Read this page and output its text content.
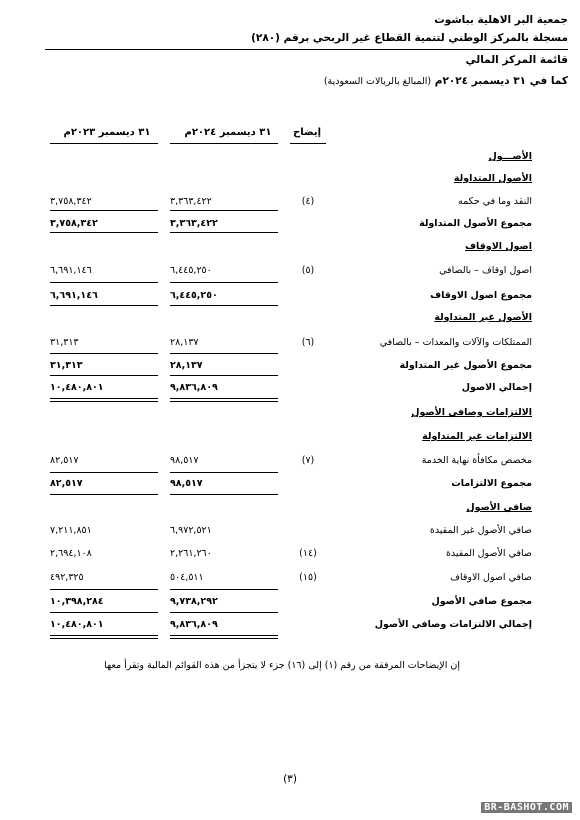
جمعية البر الاهلية بباشوت
مسجلة بالمركز الوطني لتنمية القطاع غير الربحي برقم (٢٨٠)
قائمة المركز المالي
كما في ٣١ ديسمبر ٢٠٢٤م (المبالغ بالريالات السعودية)
إيضاح
٣١ ديسمبر ٢٠٢٤م
٣١ ديسمبر ٢٠٢٣م
الأصـــول
الأصول المتداولة
النقد وما في حكمه
(٤)
٣,٣٦٣,٤٢٢
٣,٧٥٨,٣٤٢
مجموع الأصول المتداولة
٣,٣٦٣,٤٢٢
٣,٧٥٨,٣٤٢
اصول الاوقاف
اصول اوقاف – بالصافي
(٥)
٦,٤٤٥,٢٥٠
٦,٦٩١,١٤٦
مجموع اصول الاوقاف
٦,٤٤٥,٢٥٠
٦,٦٩١,١٤٦
الأصول غير المتداولة
الممتلكات والآلات والمعدات – بالصافي
(٦)
٢٨,١٣٧
٣١,٣١٣
مجموع الأصول غير المتداولة
٢٨,١٣٧
٣١,٣١٣
إجمالي الاصول
٩,٨٣٦,٨٠٩
١٠,٤٨٠,٨٠١
الالتزامات وصافي الأصول
الالتزامات غير المتداولة
مخصص مكافأة نهاية الخدمة
(٧)
٩٨,٥١٧
٨٢,٥١٧
مجموع الالتزامات
٩٨,٥١٧
٨٢,٥١٧
صافي الأصول
صافي الأصول غير المقيدة
٦,٩٧٢,٥٢١
٧,٢١١,٨٥١
صافي الأصول المقيدة
(١٤)
٢,٢٦١,٢٦٠
٢,٦٩٤,١٠٨
صافي اصول الاوقاف
(١٥)
٥٠٤,٥١١
٤٩٢,٣٢٥
مجموع صافي الأصول
٩,٧٣٨,٢٩٢
١٠,٣٩٨,٢٨٤
إجمالي الالتزامات وصافي الأصول
٩,٨٣٦,٨٠٩
١٠,٤٨٠,٨٠١
إن الإيضاحات المرفقة من رقم (١) إلى (١٦) جزء لا يتجزأ من هذه القوائم المالية وتقرأ معها
(٣)
BR-BASHOT.COM
